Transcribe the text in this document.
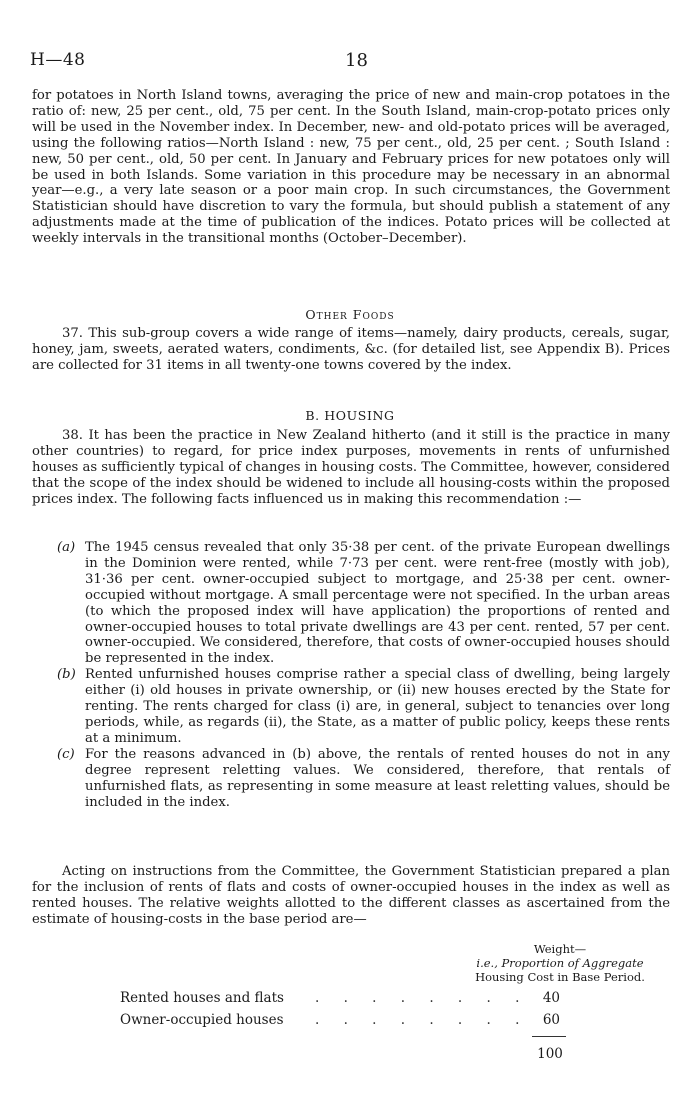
H—48	18

for potatoes in North Island towns, averaging the price of new and main-crop potatoes in the ratio of: new, 25 per cent., old, 75 per cent. In the South Island, main-crop-potato prices only will be used in the November index. In December, new- and old-potato prices will be averaged, using the following ratios—North Island : new, 75 per cent., old, 25 per cent. ; South Island : new, 50 per cent., old, 50 per cent. In January and February prices for new potatoes only will be used in both Islands. Some variation in this procedure may be necessary in an abnormal year—e.g., a very late season or a poor main crop. In such circumstances, the Government Statistician should have discretion to vary the formula, but should publish a statement of any adjustments made at the time of publication of the indices. Potato prices will be collected at weekly intervals in the transitional months (October–December).

Other Foods

37. This sub-group covers a wide range of items—namely, dairy products, cereals, sugar, honey, jam, sweets, aerated waters, condiments, &c. (for detailed list, see Appendix B). Prices are collected for 31 items in all twenty-one towns covered by the index.

B. HOUSING

38. It has been the practice in New Zealand hitherto (and it still is the practice in many other countries) to regard, for price index purposes, movements in rents of unfurnished houses as sufficiently typical of changes in housing costs. The Committee, however, considered that the scope of the index should be widened to include all housing-costs within the proposed prices index. The following facts influenced us in making this recommendation :—

(a) The 1945 census revealed that only 35·38 per cent. of the private European dwellings in the Dominion were rented, while 7·73 per cent. were rent-free (mostly with job), 31·36 per cent. owner-occupied subject to mortgage, and 25·38 per cent. owner-occupied without mortgage. A small percentage were not specified. In the urban areas (to which the proposed index will have application) the proportions of rented and owner-occupied houses to total private dwellings are 43 per cent. rented, 57 per cent. owner-occupied. We considered, therefore, that costs of owner-occupied houses should be represented in the index.
(b) Rented unfurnished houses comprise rather a special class of dwelling, being largely either (i) old houses in private ownership, or (ii) new houses erected by the State for renting. The rents charged for class (i) are, in general, subject to tenancies over long periods, while, as regards (ii), the State, as a matter of public policy, keeps these rents at a minimum.
(c) For the reasons advanced in (b) above, the rentals of rented houses do not in any degree represent reletting values. We considered, therefore, that rentals of unfurnished flats, as representing in some measure at least reletting values, should be included in the index.

Acting on instructions from the Committee, the Government Statistician prepared a plan for the inclusion of rents of flats and costs of owner-occupied houses in the index as well as rented houses. The relative weights allotted to the different classes as ascertained from the estimate of housing-costs in the base period are—

Weight—
i.e., Proportion of Aggregate
Housing Cost in Base Period.
Rented houses and flats . . . . . . . . 40
Owner-occupied houses . . . . . . . . 60
100
